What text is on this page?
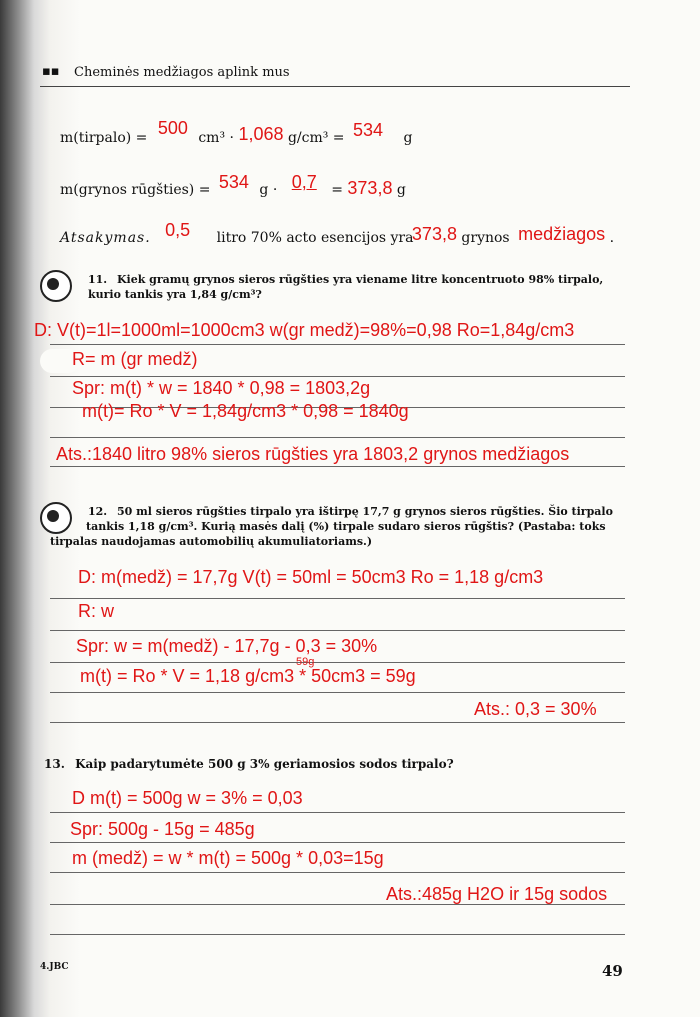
▪▪ Cheminės medžiagos aplink mus
m(tirpalo) = 500 cm³ · 1,068 g/cm³ = 534 g
m(grynos rūgšties) = 534 g · 0,7 = 373,8 g
Atsakymas. 0,5 litro 70% acto esencijos yra 373,8 grynos medžiagos .
11. Kiek gramų grynos sieros rūgšties yra viename litre koncentruoto 98% tirpalo,
kurio tankis yra 1,84 g/cm³?
D: V(t)=1l=1000ml=1000cm3 w(gr medž)=98%=0,98 Ro=1,84g/cm3
R= m (gr medž)
Spr: m(t) * w = 1840 * 0,98 = 1803,2g
m(t)= Ro * V = 1,84g/cm3 * 0,98 = 1840g
Ats.:1840 litro 98% sieros rūgšties yra 1803,2 grynos medžiagos
12. 50 ml sieros rūgšties tirpalo yra ištirpę 17,7 g grynos sieros rūgšties. Šio tirpalo
tankis 1,18 g/cm³. Kurią masės dalį (%) tirpale sudaro sieros rūgštis? (Pastaba: toks
tirpalas naudojamas automobilių akumuliatoriams.)
D: m(medž) = 17,7g V(t) = 50ml = 50cm3 Ro = 1,18 g/cm3
R: w
Spr: w = m(medž) - 17,7g - 0,3 = 30%
59g
m(t) = Ro * V = 1,18 g/cm3 * 50cm3 = 59g
Ats.: 0,3 = 30%
13. Kaip padarytumėte 500 g 3% geriamosios sodos tirpalo?
D m(t) = 500g w = 3% = 0,03
Spr: 500g - 15g = 485g
m (medž) = w * m(t) = 500g * 0,03=15g
Ats.:485g H2O ir 15g sodos
4.JBC	49
